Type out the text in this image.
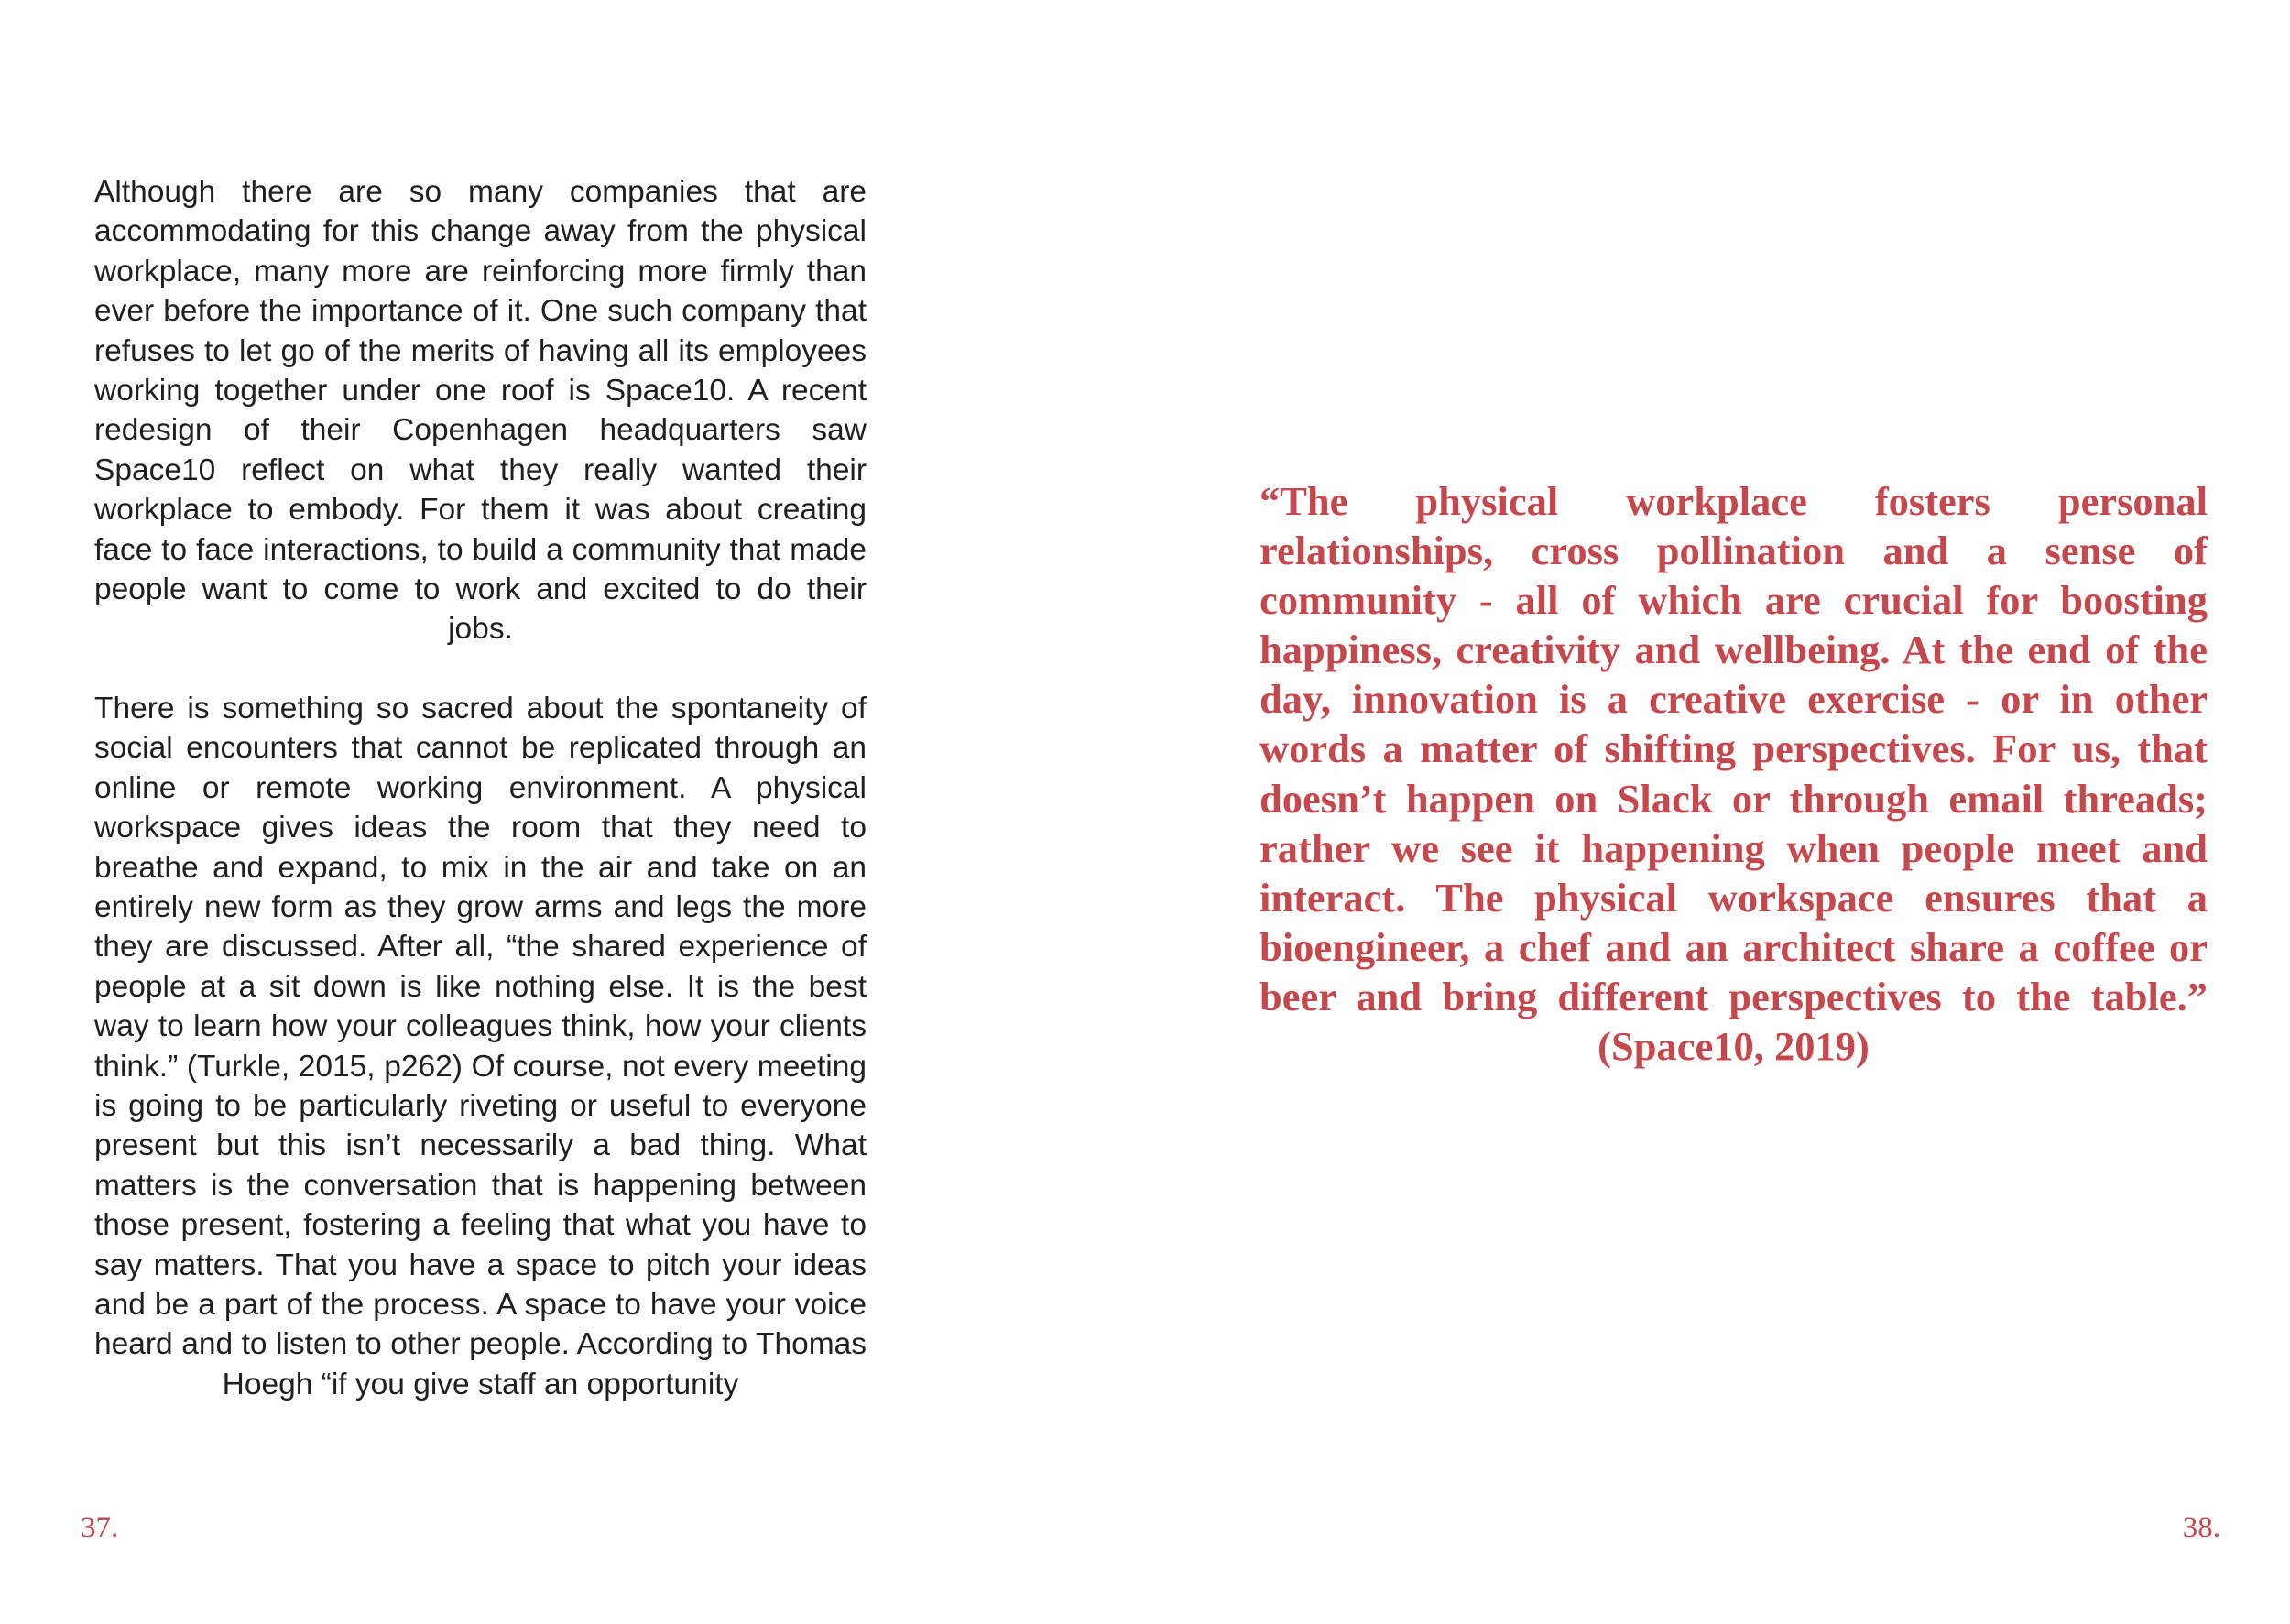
Although there are so many companies that are accommodating for this change away from the physical workplace, many more are reinforcing more firmly than ever before the importance of it. One such company that refuses to let go of the merits of having all its employees working together under one roof is Space10. A recent redesign of their Copenhagen headquarters saw Space10 reflect on what they really wanted their workplace to embody. For them it was about creating face to face interactions, to build a community that made people want to come to work and excited to do their jobs.

There is something so sacred about the spontaneity of social encounters that cannot be replicated through an online or remote working environment. A physical workspace gives ideas the room that they need to breathe and expand, to mix in the air and take on an entirely new form as they grow arms and legs the more they are discussed. After all, “the shared experience of people at a sit down is like nothing else. It is the best way to learn how your colleagues think, how your clients think.” (Turkle, 2015, p262) Of course, not every meeting is going to be particularly riveting or useful to everyone present but this isn’t necessarily a bad thing. What matters is the conversation that is happening between those present, fostering a feeling that what you have to say matters. That you have a space to pitch your ideas and be a part of the process. A space to have your voice heard and to listen to other people. According to Thomas Hoegh “if you give staff an opportunity

“The physical workplace fosters personal relationships, cross pollination and a sense of community - all of which are crucial for boosting happiness, creativity and wellbeing. At the end of the day, innovation is a creative exercise - or in other words a matter of shifting perspectives. For us, that doesn’t happen on Slack or through email threads; rather we see it happening when people meet and interact. The physical workspace ensures that a bioengineer, a chef and an architect share a coffee or beer and bring different perspectives to the table.” (Space10, 2019)

37.	38.
